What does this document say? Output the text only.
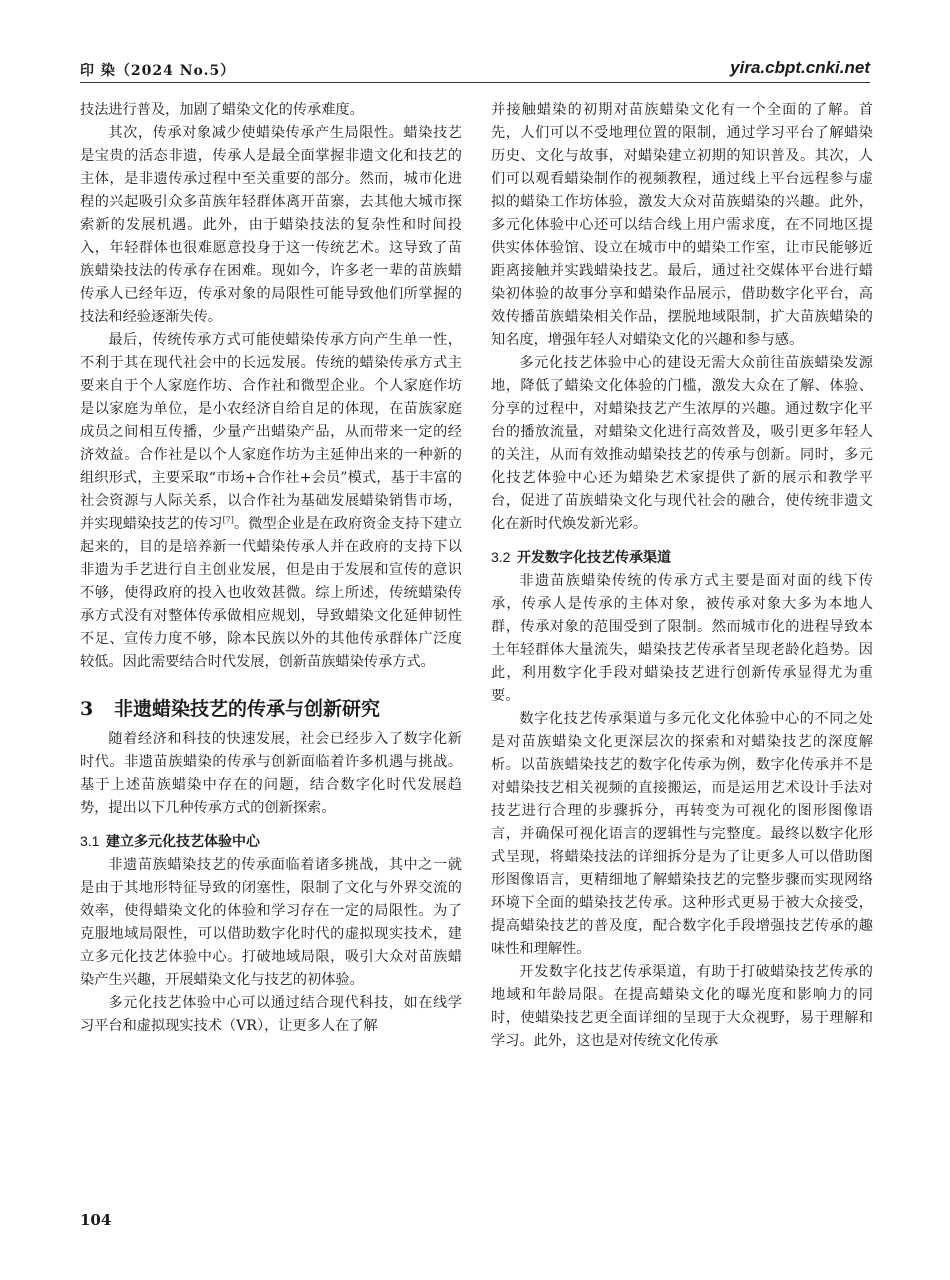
印 染（2024 No.5）	yira.cbpt.cnki.net

技法进行普及，加剧了蜡染文化的传承难度。

其次，传承对象减少使蜡染传承产生局限性。蜡染技艺是宝贵的活态非遗，传承人是最全面掌握非遗文化和技艺的主体，是非遗传承过程中至关重要的部分。然而，城市化进程的兴起吸引众多苗族年轻群体离开苗寨，去其他大城市探索新的发展机遇。此外，由于蜡染技法的复杂性和时间投入，年轻群体也很难愿意投身于这一传统艺术。这导致了苗族蜡染技法的传承存在困难。现如今，许多老一辈的苗族蜡传承人已经年迈，传承对象的局限性可能导致他们所掌握的技法和经验逐渐失传。

最后，传统传承方式可能使蜡染传承方向产生单一性，不利于其在现代社会中的长远发展。传统的蜡染传承方式主要来自于个人家庭作坊、合作社和微型企业。个人家庭作坊是以家庭为单位，是小农经济自给自足的体现，在苗族家庭成员之间相互传播，少量产出蜡染产品，从而带来一定的经济效益。合作社是以个人家庭作坊为主延伸出来的一种新的组织形式，主要采取“市场+合作社+会员”模式，基于丰富的社会资源与人际关系，以合作社为基础发展蜡染销售市场，并实现蜡染技艺的传习[7]。微型企业是在政府资金支持下建立起来的，目的是培养新一代蜡染传承人并在政府的支持下以非遗为手艺进行自主创业发展，但是由于发展和宣传的意识不够，使得政府的投入也收效甚微。综上所述，传统蜡染传承方式没有对整体传承做相应规划，导致蜡染文化延伸韧性不足、宣传力度不够，除本民族以外的其他传承群体广泛度较低。因此需要结合时代发展，创新苗族蜡染传承方式。

3 非遗蜡染技艺的传承与创新研究

随着经济和科技的快速发展，社会已经步入了数字化新时代。非遗苗族蜡染的传承与创新面临着许多机遇与挑战。基于上述苗族蜡染中存在的问题，结合数字化时代发展趋势，提出以下几种传承方式的创新探索。

3.1 建立多元化技艺体验中心

非遗苗族蜡染技艺的传承面临着诸多挑战，其中之一就是由于其地形特征导致的闭塞性，限制了文化与外界交流的效率，使得蜡染文化的体验和学习存在一定的局限性。为了克服地域局限性，可以借助数字化时代的虚拟现实技术，建立多元化技艺体验中心。打破地域局限，吸引大众对苗族蜡染产生兴趣，开展蜡染文化与技艺的初体验。

多元化技艺体验中心可以通过结合现代科技，如在线学习平台和虚拟现实技术（VR），让更多人在了解

并接触蜡染的初期对苗族蜡染文化有一个全面的了解。首先，人们可以不受地理位置的限制，通过学习平台了解蜡染历史、文化与故事，对蜡染建立初期的知识普及。其次，人们可以观看蜡染制作的视频教程，通过线上平台远程参与虚拟的蜡染工作坊体验，激发大众对苗族蜡染的兴趣。此外，多元化体验中心还可以结合线上用户需求度，在不同地区提供实体体验馆、设立在城市中的蜡染工作室，让市民能够近距离接触并实践蜡染技艺。最后，通过社交媒体平台进行蜡染初体验的故事分享和蜡染作品展示，借助数字化平台，高效传播苗族蜡染相关作品，摆脱地域限制，扩大苗族蜡染的知名度，增强年轻人对蜡染文化的兴趣和参与感。

多元化技艺体验中心的建设无需大众前往苗族蜡染发源地，降低了蜡染文化体验的门槛，激发大众在了解、体验、分享的过程中，对蜡染技艺产生浓厚的兴趣。通过数字化平台的播放流量，对蜡染文化进行高效普及，吸引更多年轻人的关注，从而有效推动蜡染技艺的传承与创新。同时，多元化技艺体验中心还为蜡染艺术家提供了新的展示和教学平台，促进了苗族蜡染文化与现代社会的融合，使传统非遗文化在新时代焕发新光彩。

3.2 开发数字化技艺传承渠道

非遗苗族蜡染传统的传承方式主要是面对面的线下传承，传承人是传承的主体对象，被传承对象大多为本地人群，传承对象的范围受到了限制。然而城市化的进程导致本土年轻群体大量流失，蜡染技艺传承者呈现老龄化趋势。因此，利用数字化手段对蜡染技艺进行创新传承显得尤为重要。

数字化技艺传承渠道与多元化文化体验中心的不同之处是对苗族蜡染文化更深层次的探索和对蜡染技艺的深度解析。以苗族蜡染技艺的数字化传承为例，数字化传承并不是对蜡染技艺相关视频的直接搬运，而是运用艺术设计手法对技艺进行合理的步骤拆分，再转变为可视化的图形图像语言，并确保可视化语言的逻辑性与完整度。最终以数字化形式呈现，将蜡染技法的详细拆分是为了让更多人可以借助图形图像语言，更精细地了解蜡染技艺的完整步骤而实现网络环境下全面的蜡染技艺传承。这种形式更易于被大众接受，提高蜡染技艺的普及度，配合数字化手段增强技艺传承的趣味性和理解性。

开发数字化技艺传承渠道，有助于打破蜡染技艺传承的地域和年龄局限。在提高蜡染文化的曝光度和影响力的同时，使蜡染技艺更全面详细的呈现于大众视野，易于理解和学习。此外，这也是对传统文化传承

104
